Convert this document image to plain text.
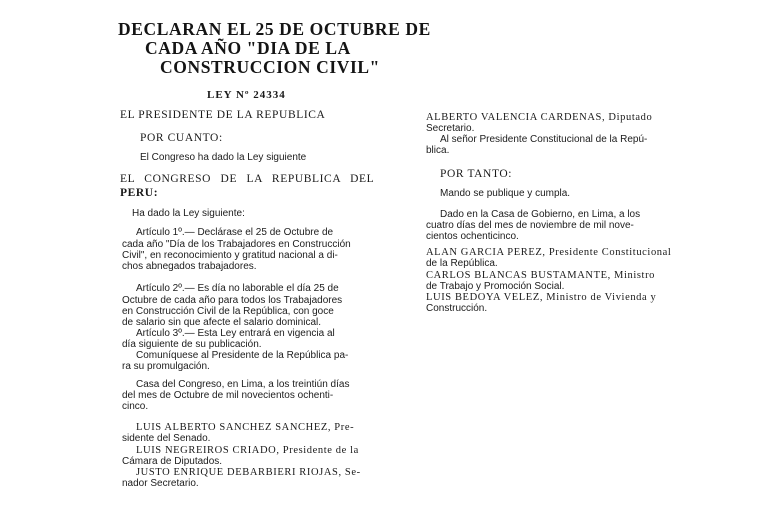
DECLARAN EL 25 DE OCTUBRE DE
CADA AÑO "DIA DE LA
CONSTRUCCION CIVIL"
LEY Nº 24334
EL PRESIDENTE DE LA REPUBLICA
POR CUANTO:
El Congreso ha dado la Ley siguiente
EL CONGRESO DE LA REPUBLICA DEL
PERU:
Ha dado la Ley siguiente:
Artículo 1º.— Declárase el 25 de Octubre de
cada año "Día de los Trabajadores en Construcción
Civil", en reconocimiento y gratitud nacional a di-
chos abnegados trabajadores.
Artículo 2º.— Es día no laborable el día 25 de
Octubre de cada año para todos los Trabajadores
en Construcción Civil de la República, con goce
de salario sin que afecte el salario dominical.
Artículo 3º.— Esta Ley entrará en vigencia al
día siguiente de su publicación.
Comuníquese al Presidente de la República pa-
ra su promulgación.
Casa del Congreso, en Lima, a los treintiún días
del mes de Octubre de mil novecientos ochenti-
cinco.
LUIS ALBERTO SANCHEZ SANCHEZ, Pre-
sidente del Senado.
LUIS NEGREIROS CRIADO, Presidente de la
Cámara de Diputados.
JUSTO ENRIQUE DEBARBIERI RIOJAS, Se-
nador Secretario.
ALBERTO VALENCIA CARDENAS, Diputado
Secretario.
Al señor Presidente Constitucional de la Repú-
blica.
POR TANTO:
Mando se publique y cumpla.
Dado en la Casa de Gobierno, en Lima, a los
cuatro días del mes de noviembre de mil nove-
cientos ochenticinco.
ALAN GARCIA PEREZ, Presidente Constitucional
de la República.
CARLOS BLANCAS BUSTAMANTE, Ministro
de Trabajo y Promoción Social.
LUIS BEDOYA VELEZ, Ministro de Vivienda y
Construcción.
